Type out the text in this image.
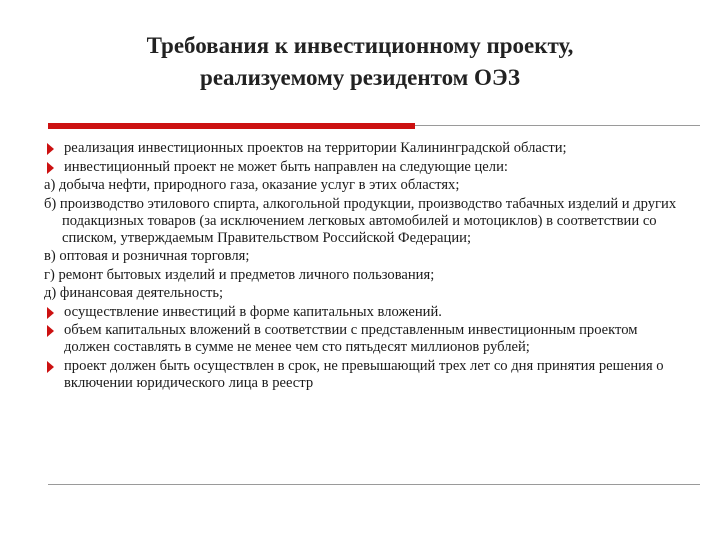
Требования к инвестиционному проекту,
реализуемому резидентом ОЭЗ
реализация инвестиционных проектов на территории Калининградской области;
инвестиционный проект не может быть направлен на следующие цели:
а) добыча нефти, природного газа, оказание услуг в этих областях;
б) производство этилового спирта, алкогольной продукции, производство табачных изделий и других подакцизных товаров (за исключением легковых автомобилей и мотоциклов) в соответствии со списком, утверждаемым Правительством Российской Федерации;
в) оптовая и розничная торговля;
г) ремонт бытовых изделий и предметов личного пользования;
д) финансовая деятельность;
осуществление инвестиций в форме капитальных вложений.
объем капитальных вложений в соответствии с представленным инвестиционным проектом должен составлять в сумме не менее чем сто пятьдесят миллионов рублей;
проект должен быть осуществлен в срок, не превышающий трех лет со дня принятия решения о включении юридического лица в реестр
